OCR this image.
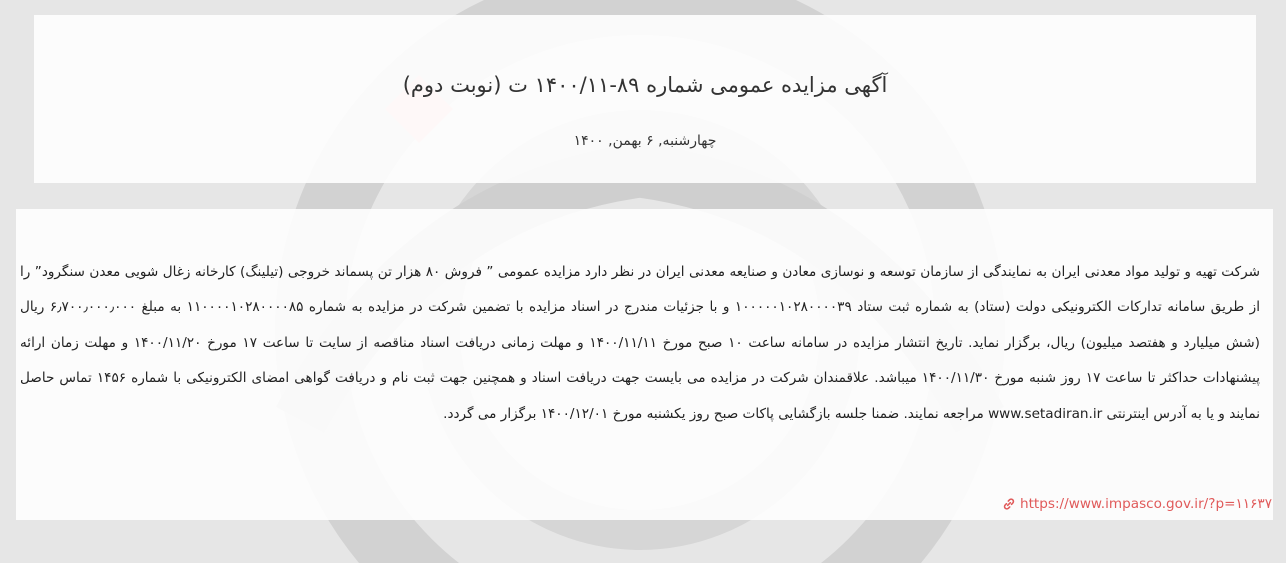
آگهی مزایده عمومی شماره ۸۹-۱۴۰۰/۱۱ ت (نوبت دوم)
چهارشنبه, ۶ بهمن, ۱۴۰۰

شرکت تهیه و تولید مواد معدنی ایران به نمایندگی از سازمان توسعه و نوسازی معادن و صنایعه معدنی ایران در نظر دارد مزایده عمومی ” فروش ۸۰ هزار تن پسماند خروجی (تیلینگ) کارخانه زغال شویی معدن سنگرود” را از طریق سامانه تدارکات الکترونیکی دولت (ستاد) به شماره ثبت ستاد ۱۰۰۰۰۰۱۰۲۸۰۰۰۰۳۹ و با جزئیات مندرج در اسناد مزایده با تضمین شرکت در مزایده به شماره ۱۱۰۰۰۰۱۰۲۸۰۰۰۰۸۵ به مبلغ ۶٫۷۰۰٫۰۰۰٫۰۰۰ ریال (شش میلیارد و هفتصد میلیون) ریال، برگزار نماید. تاریخ انتشار مزایده در سامانه ساعت ۱۰ صبح مورخ ۱۴۰۰/۱۱/۱۱ و مهلت زمانی دریافت اسناد مناقصه از سایت تا ساعت ۱۷ مورخ ۱۴۰۰/۱۱/۲۰ و مهلت زمان ارائه پیشنهادات حداکثر تا ساعت ۱۷ روز شنبه مورخ ۱۴۰۰/۱۱/۳۰ میباشد. علاقمندان شرکت در مزایده می بایست جهت دریافت اسناد و همچنین جهت ثبت نام و دریافت گواهی امضای الکترونیکی با شماره ۱۴۵۶ تماس حاصل نمایند و یا به آدرس اینترنتی www.setadiran.ir مراجعه نمایند. ضمنا جلسه بازگشایی پاکات صبح روز یکشنبه مورخ ۱۴۰۰/۱۲/۰۱ برگزار می گردد.

https://www.impasco.gov.ir/?p=۱۱۶۳۷
